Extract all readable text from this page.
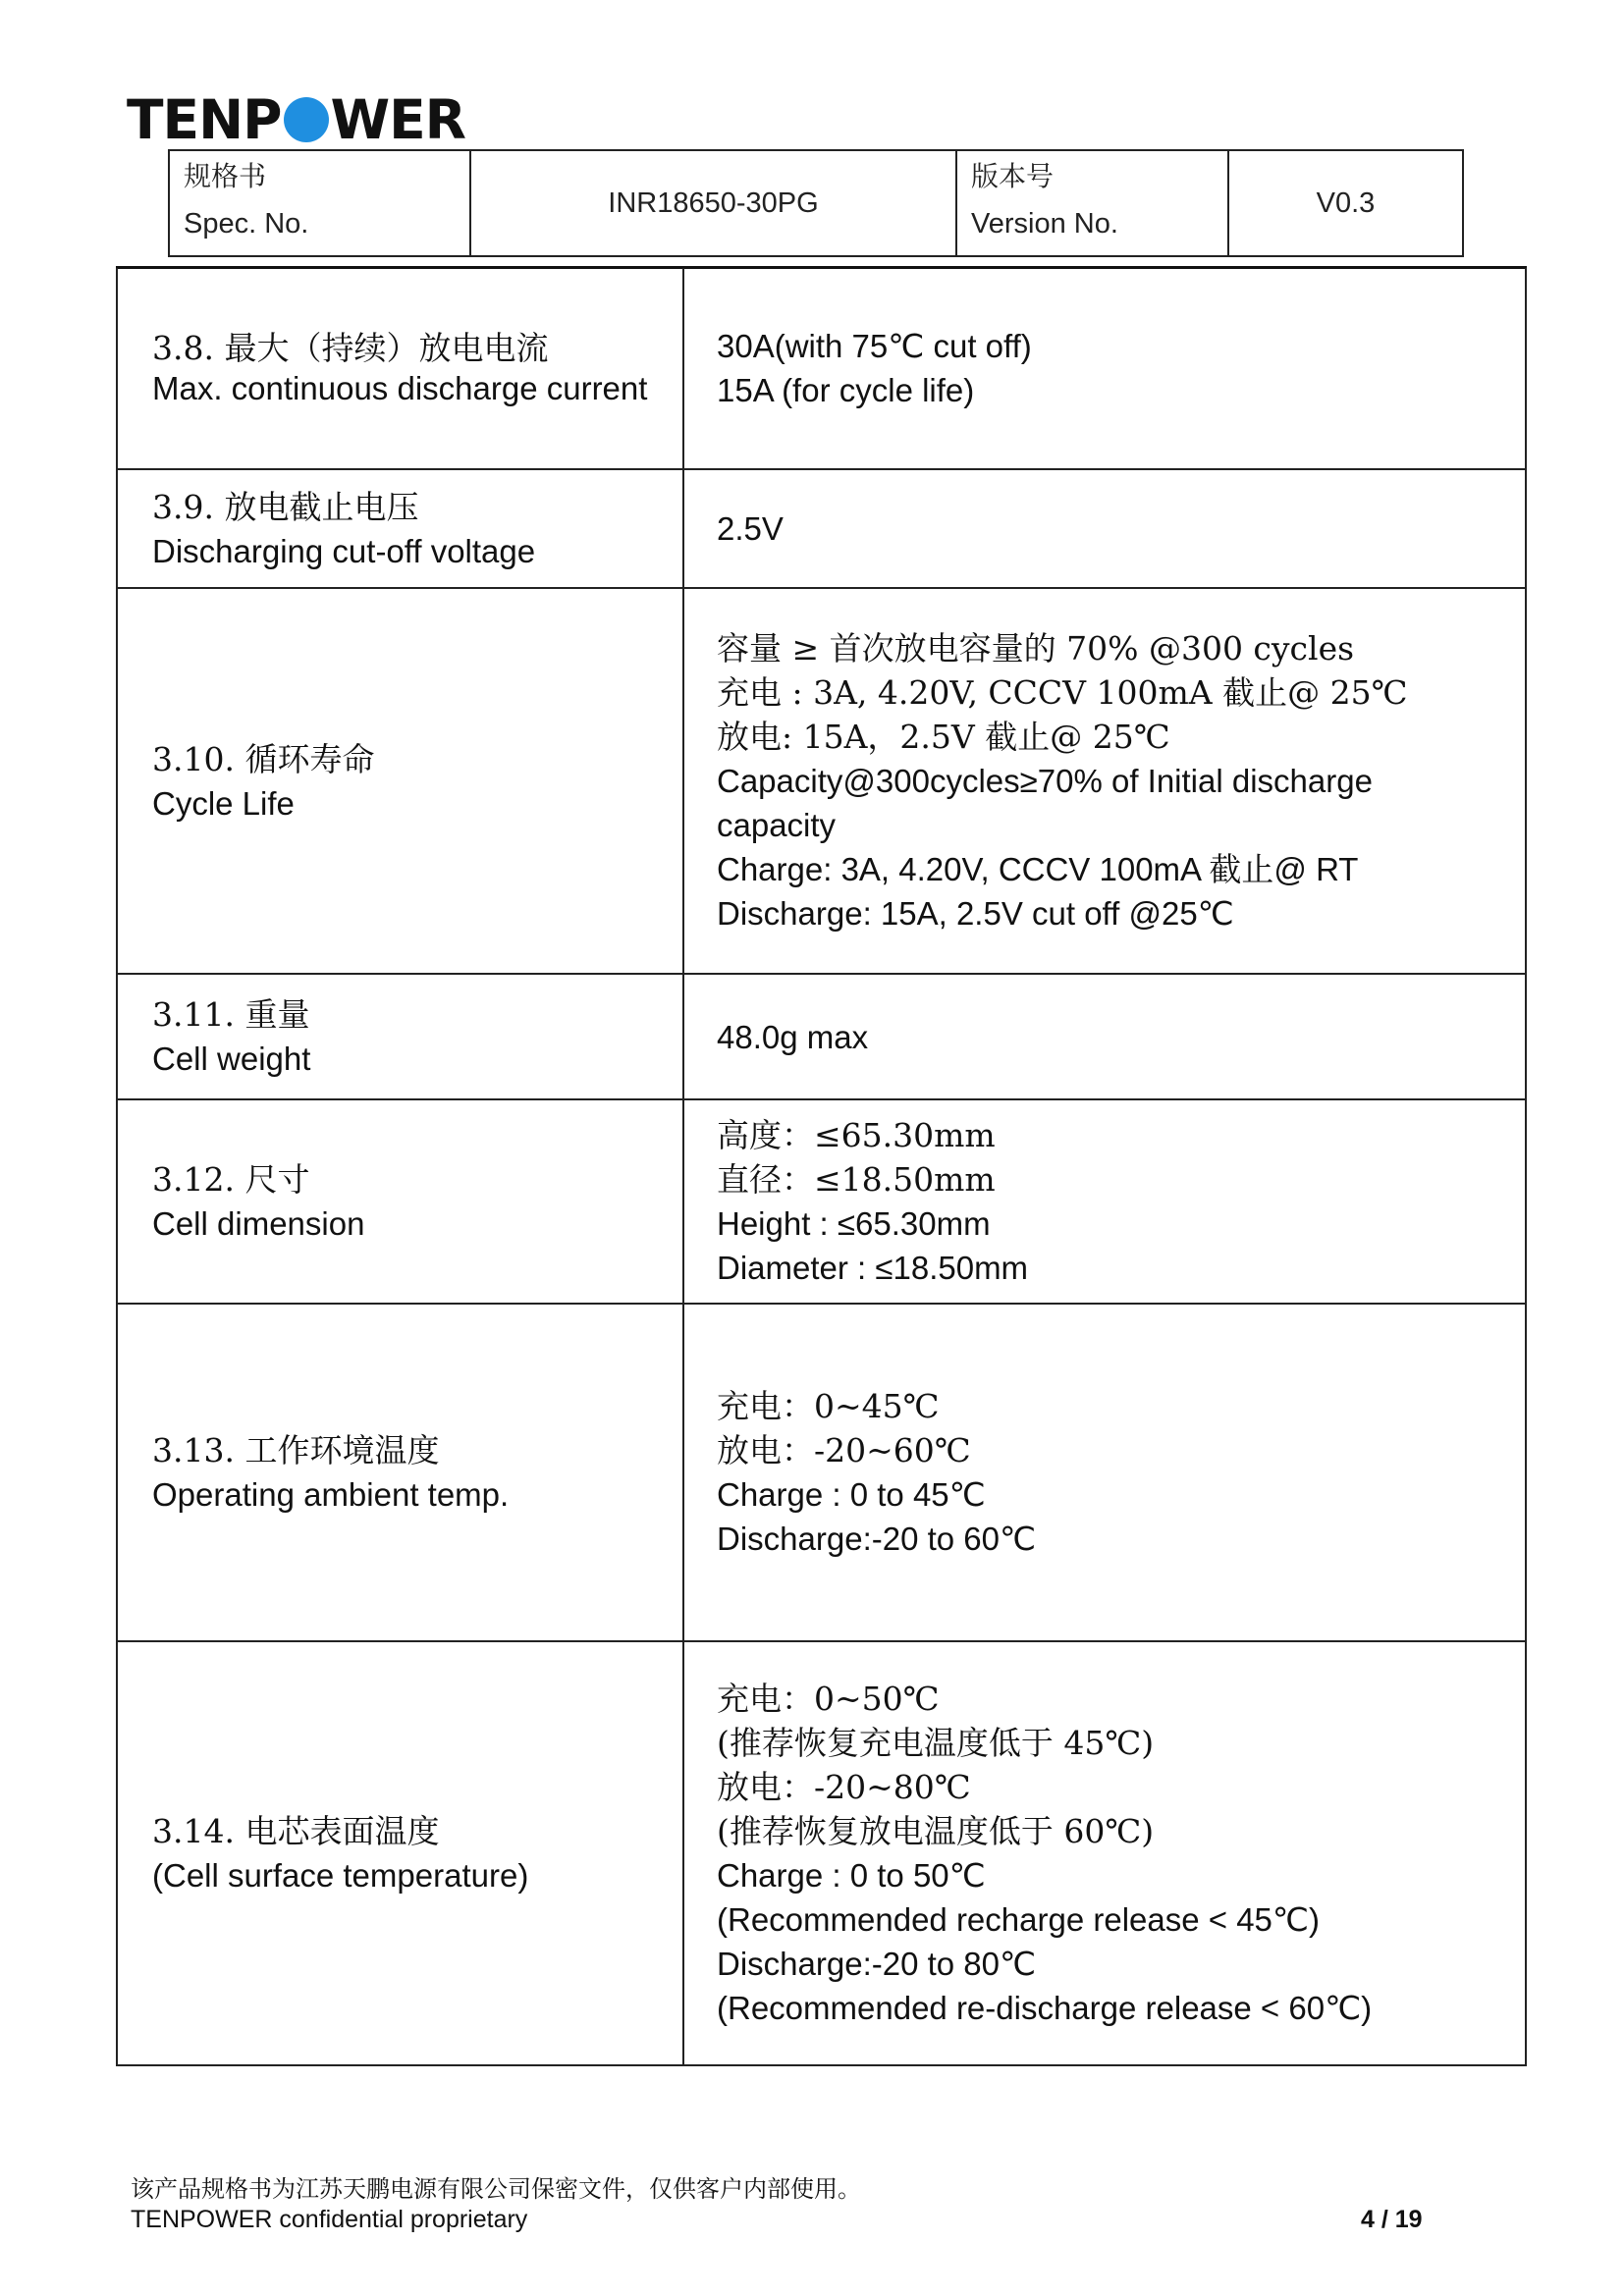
TENP WER
规格书
Spec. No.
INR18650-30PG
版本号
Version No.
V0.3
3.8. 最大（持续）放电电流
Max. continuous discharge current
30A(with 75℃ cut off)
15A (for cycle life)
3.9. 放电截止电压
Discharging cut-off voltage
2.5V
3.10. 循环寿命
Cycle Life
容量 ≥ 首次放电容量的 70% @300 cycles
充电 : 3A, 4.20V, CCCV 100mA 截止@ 25℃
放电: 15A，2.5V 截止@ 25℃
Capacity@300cycles≥70% of Initial discharge capacity
Charge: 3A, 4.20V, CCCV 100mA 截止@ RT
Discharge: 15A, 2.5V cut off @25℃
3.11. 重量
Cell weight
48.0g max
3.12. 尺寸
Cell dimension
高度：≤65.30mm
直径：≤18.50mm
Height : ≤65.30mm
Diameter : ≤18.50mm
3.13. 工作环境温度
Operating ambient temp.
充电：0~45℃
放电：-20~60℃
Charge : 0 to 45℃
Discharge:-20 to 60℃
3.14. 电芯表面温度
(Cell surface temperature)
充电：0~50℃
(推荐恢复充电温度低于 45℃)
放电：-20~80℃
(推荐恢复放电温度低于 60℃)
Charge : 0 to 50℃
(Recommended recharge release < 45℃)
Discharge:-20 to 80℃
(Recommended re-discharge release < 60℃)
该产品规格书为江苏天鹏电源有限公司保密文件，仅供客户内部使用。
TENPOWER confidential proprietary	4 / 19
